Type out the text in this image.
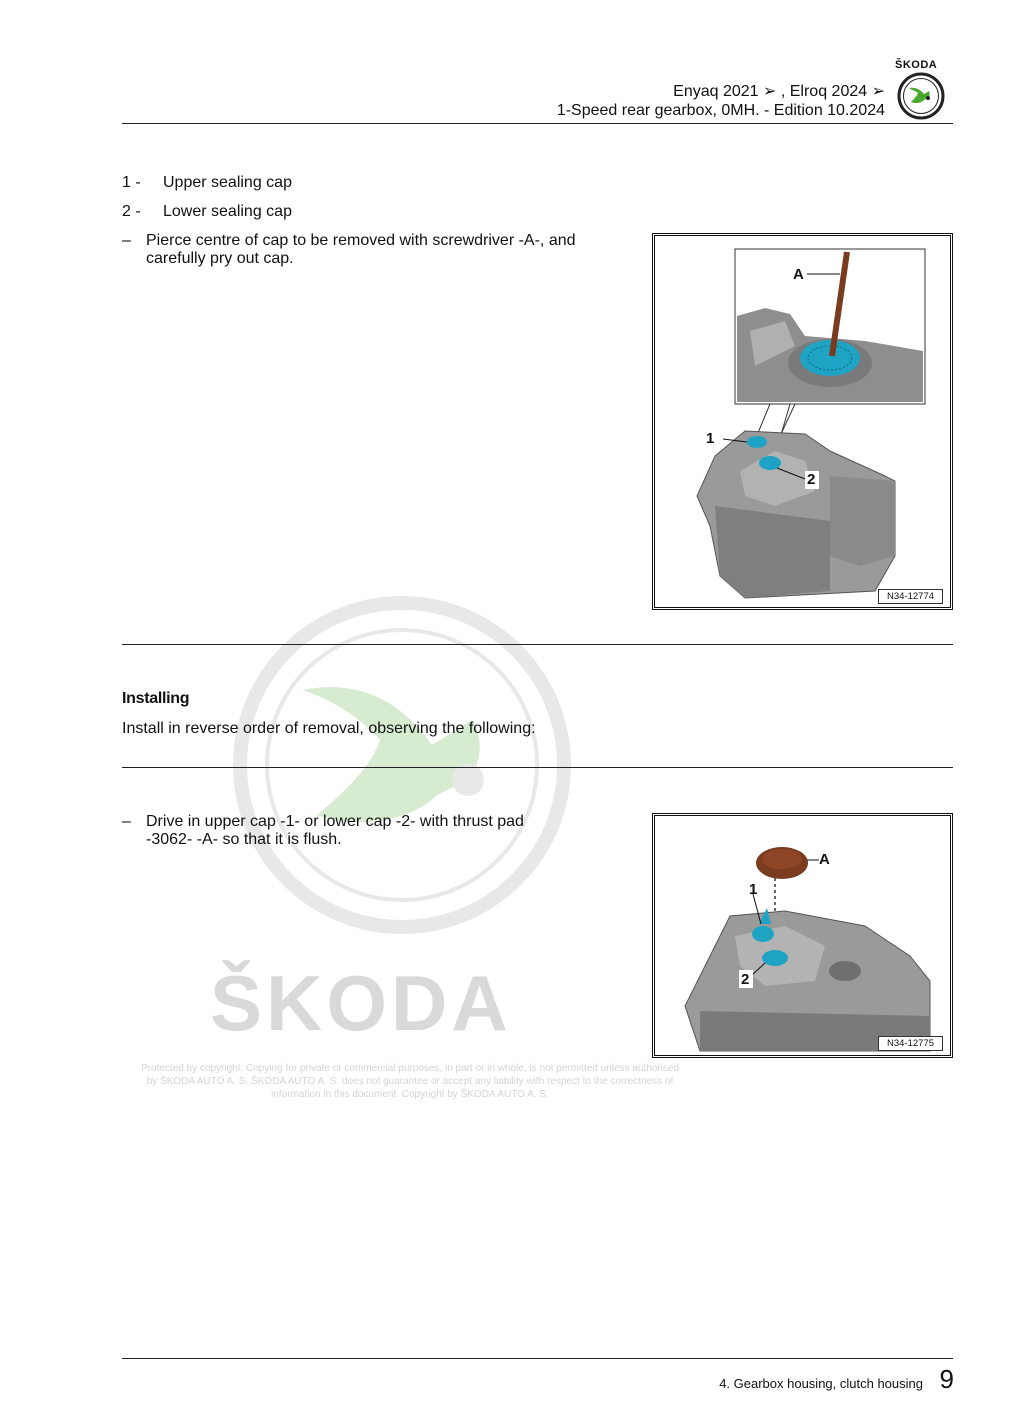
ŠKODA
Enyaq 2021 ➢ , Elroq 2024 ➢
1-Speed rear gearbox, 0MH. - Edition 10.2024
ŠKODA
Protected by copyright. Copying for private or commercial purposes, in part or in whole, is not permitted unless authorised by ŠKODA AUTO A. S. ŠKODA AUTO A. S. does not guarantee or accept any liability with respect to the correctness of information in this document. Copyright by ŠKODA AUTO A. S.
1 -	Upper sealing cap
2 -	Lower sealing cap
– Pierce centre of cap to be removed with screwdriver -A-, and carefully pry out cap.
A
1
2
N34-12774
Installing
Install in reverse order of removal, observing the following:
– Drive in upper cap -1- or lower cap -2- with thrust pad -3062- -A- so that it is flush.
A
1
2
N34-12775
4. Gearbox housing, clutch housing 9
